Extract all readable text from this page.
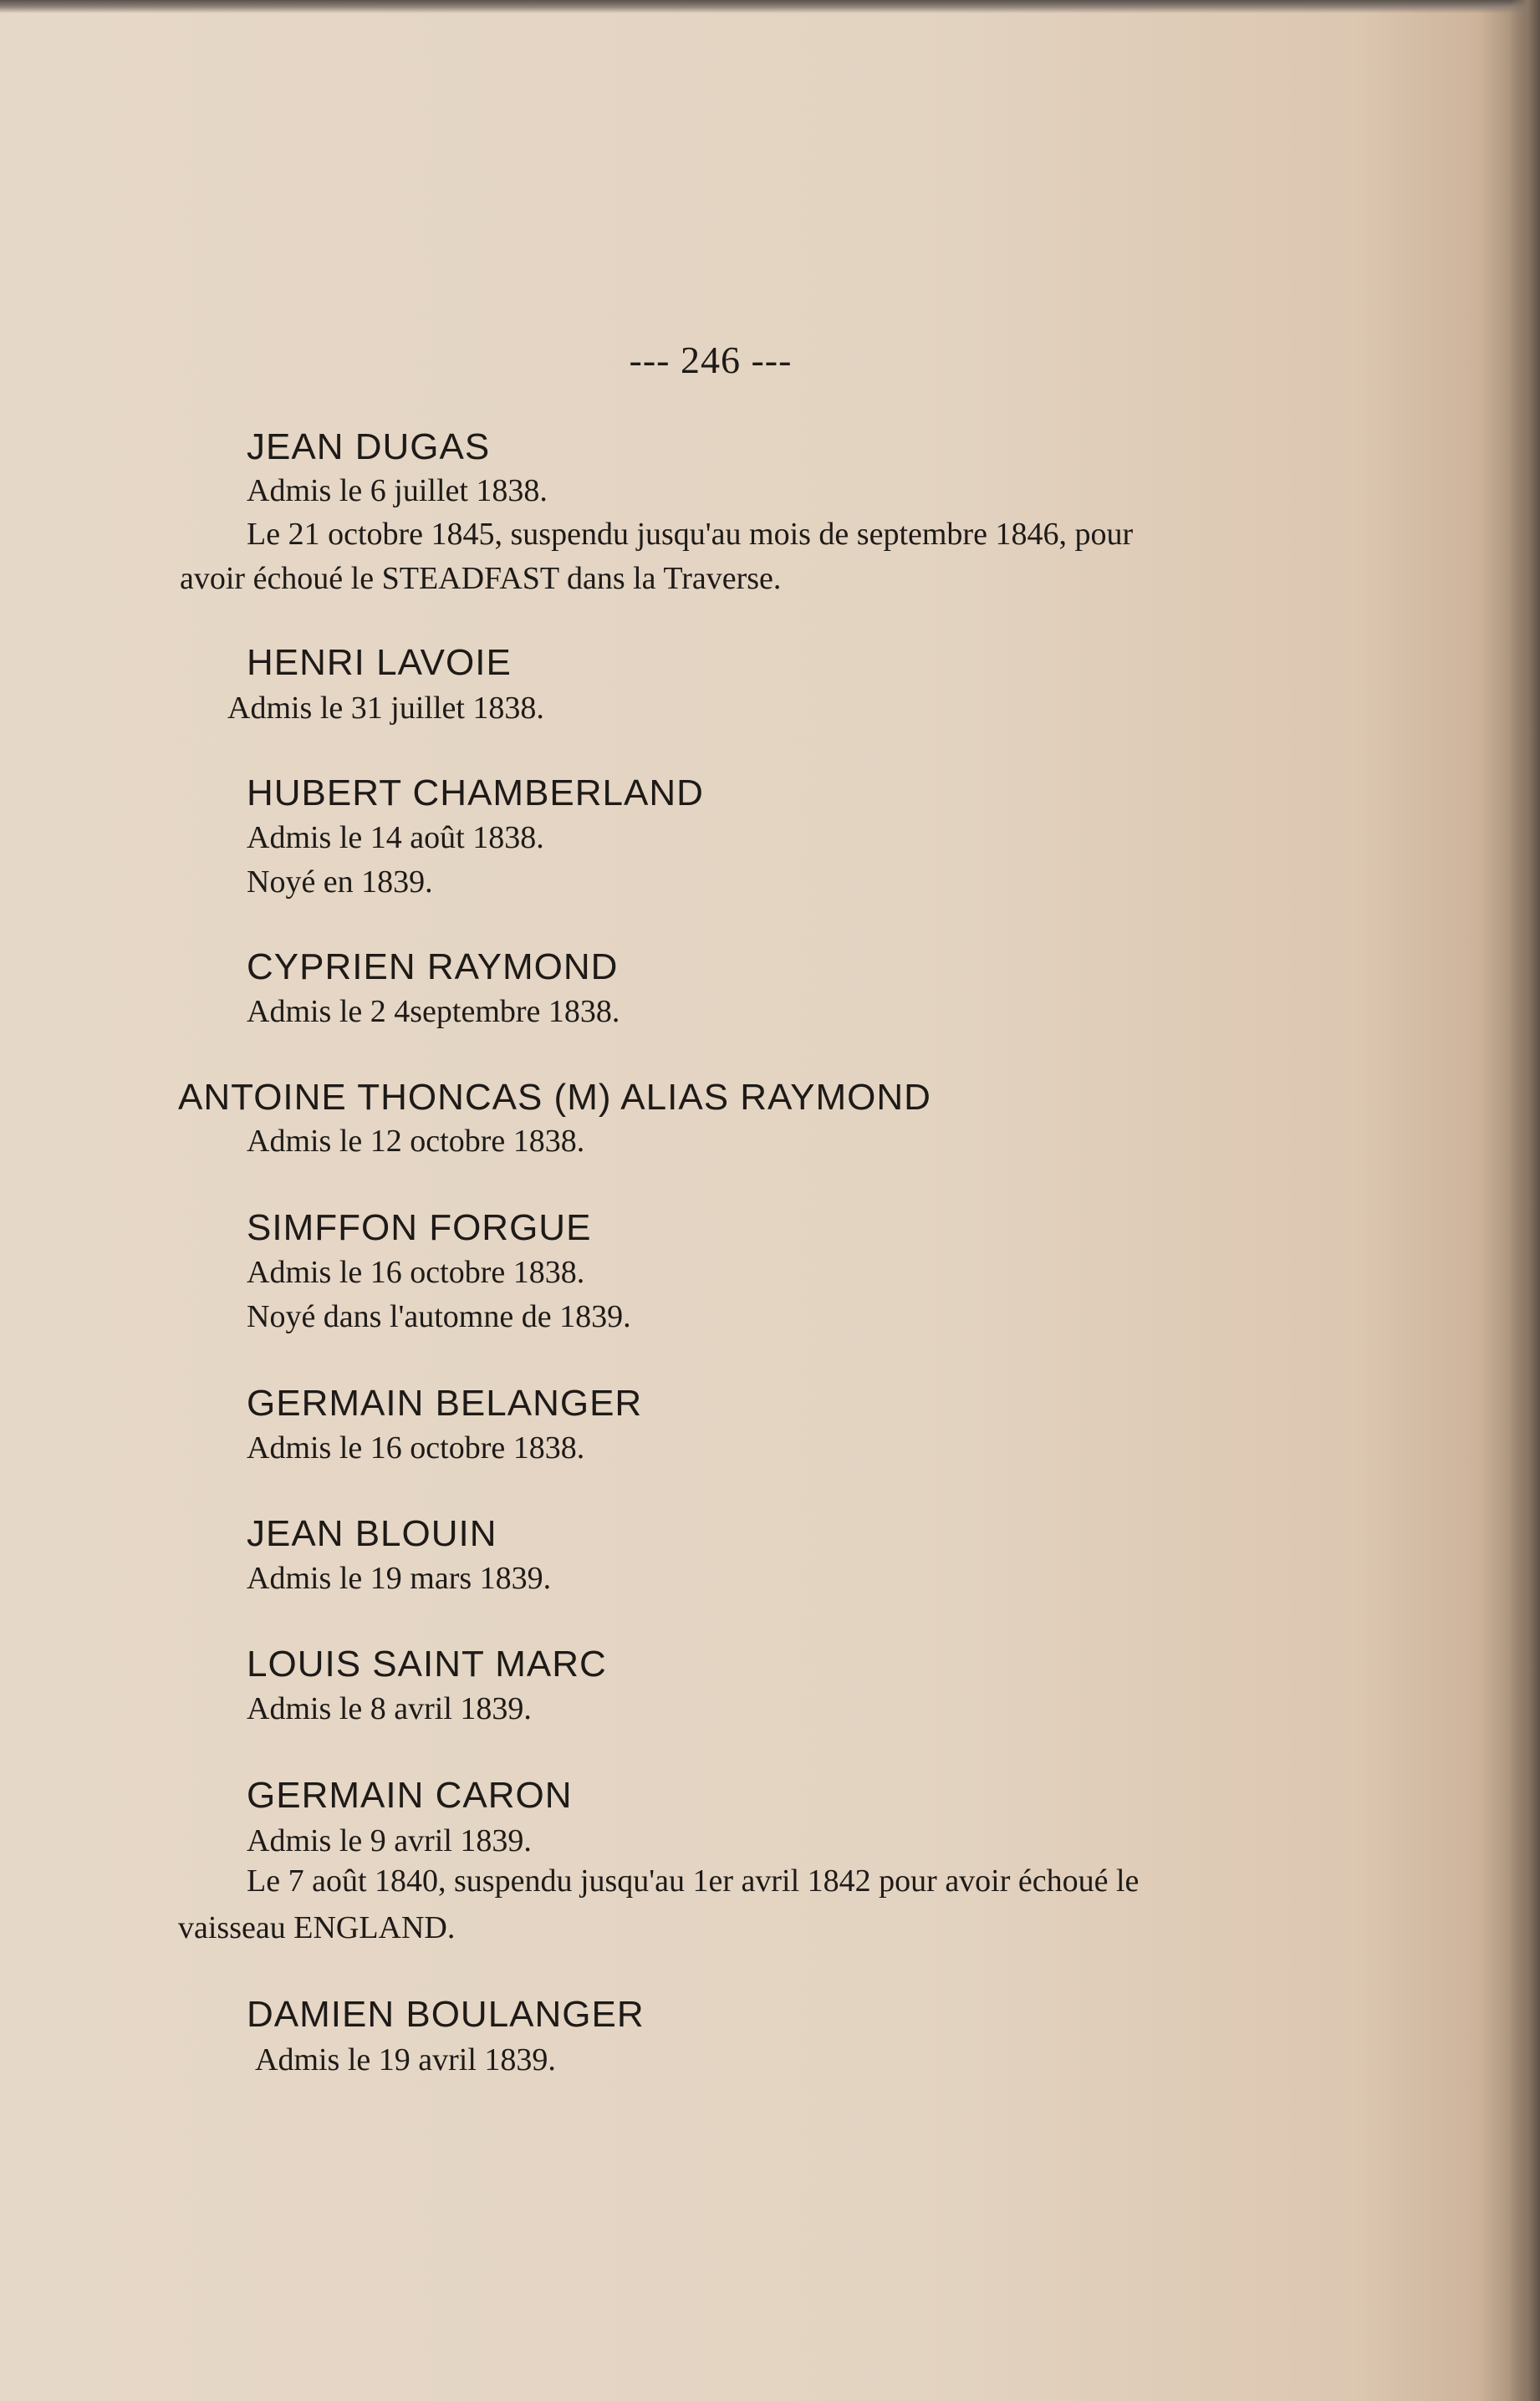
--- 246 ---
JEAN DUGAS
Admis le 6 juillet 1838.
Le 21 octobre 1845, suspendu jusqu'au mois de septembre 1846, pour
avoir échoué le STEADFAST dans la Traverse.
HENRI LAVOIE
Admis le 31 juillet 1838.
HUBERT CHAMBERLAND
Admis le 14 août 1838.
Noyé en 1839.
CYPRIEN RAYMOND
Admis le 2 4septembre 1838.
ANTOINE THONCAS (M) ALIAS RAYMOND
Admis le 12 octobre 1838.
SIMFFON FORGUE
Admis le 16 octobre 1838.
Noyé dans l'automne de 1839.
GERMAIN BELANGER
Admis le 16 octobre 1838.
JEAN BLOUIN
Admis le 19 mars 1839.
LOUIS SAINT MARC
Admis le 8 avril 1839.
GERMAIN CARON
Admis le 9 avril 1839.
Le 7 août 1840, suspendu jusqu'au 1er avril 1842 pour avoir échoué le
vaisseau ENGLAND.
DAMIEN BOULANGER
Admis le 19 avril 1839.
